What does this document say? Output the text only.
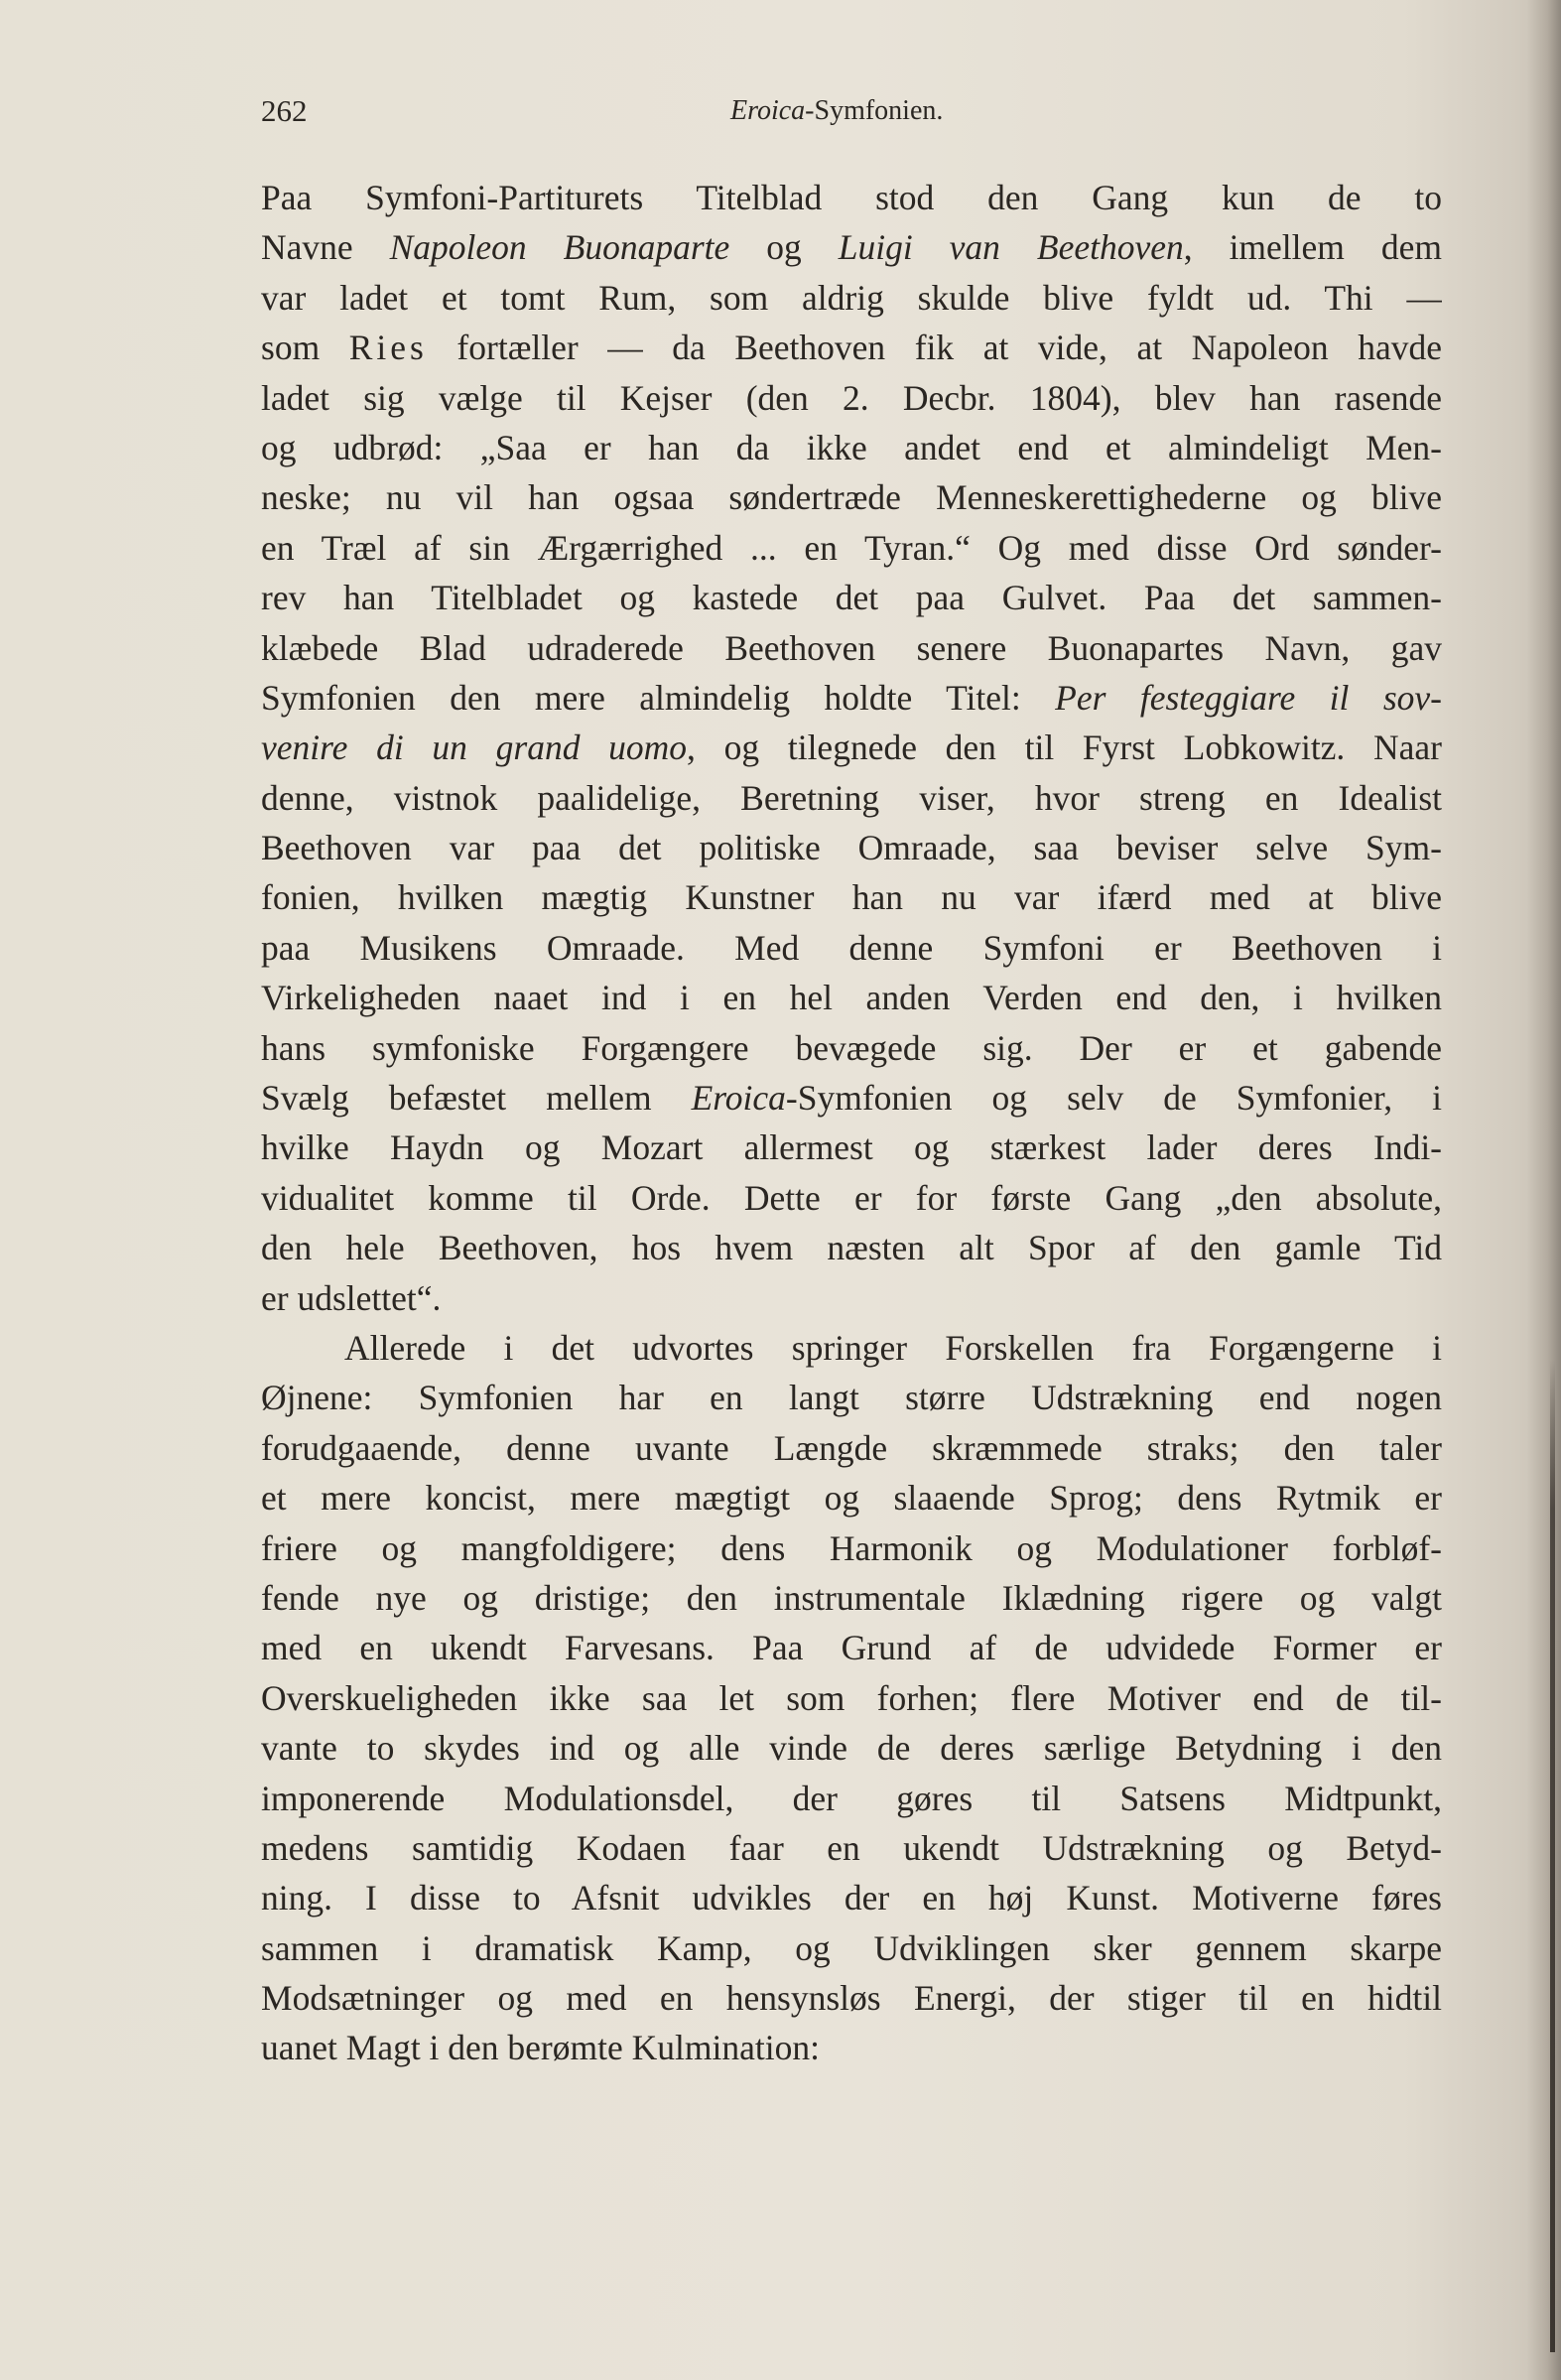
262	Eroica-Symfonien.
Paa Symfoni-Partiturets Titelblad stod den Gang kun de to
Navne Napoleon Buonaparte og Luigi van Beethoven, imellem dem
var ladet et tomt Rum, som aldrig skulde blive fyldt ud. Thi —
som Ries fortæller — da Beethoven fik at vide, at Napoleon havde
ladet sig vælge til Kejser (den 2. Decbr. 1804), blev han rasende
og udbrød: „Saa er han da ikke andet end et almindeligt Men-
neske; nu vil han ogsaa søndertræde Menneskerettighederne og blive
en Træl af sin Ærgærrighed ... en Tyran.“ Og med disse Ord sønder-
rev han Titelbladet og kastede det paa Gulvet. Paa det sammen-
klæbede Blad udraderede Beethoven senere Buonapartes Navn, gav
Symfonien den mere almindelig holdte Titel: Per festeggiare il sov-
venire di un grand uomo, og tilegnede den til Fyrst Lobkowitz. Naar
denne, vistnok paalidelige, Beretning viser, hvor streng en Idealist
Beethoven var paa det politiske Omraade, saa beviser selve Sym-
fonien, hvilken mægtig Kunstner han nu var ifærd med at blive
paa Musikens Omraade. Med denne Symfoni er Beethoven i
Virkeligheden naaet ind i en hel anden Verden end den, i hvilken
hans symfoniske Forgængere bevægede sig. Der er et gabende
Svælg befæstet mellem Eroica-Symfonien og selv de Symfonier, i
hvilke Haydn og Mozart allermest og stærkest lader deres Indi-
vidualitet komme til Orde. Dette er for første Gang „den absolute,
den hele Beethoven, hos hvem næsten alt Spor af den gamle Tid
er udslettet“.
Allerede i det udvortes springer Forskellen fra Forgængerne i
Øjnene: Symfonien har en langt større Udstrækning end nogen
forudgaaende, denne uvante Længde skræmmede straks; den taler
et mere koncist, mere mægtigt og slaaende Sprog; dens Rytmik er
friere og mangfoldigere; dens Harmonik og Modulationer forbløf-
fende nye og dristige; den instrumentale Iklædning rigere og valgt
med en ukendt Farvesans. Paa Grund af de udvidede Former er
Overskueligheden ikke saa let som forhen; flere Motiver end de til-
vante to skydes ind og alle vinde de deres særlige Betydning i den
imponerende Modulationsdel, der gøres til Satsens Midtpunkt,
medens samtidig Kodaen faar en ukendt Udstrækning og Betyd-
ning. I disse to Afsnit udvikles der en høj Kunst. Motiverne føres
sammen i dramatisk Kamp, og Udviklingen sker gennem skarpe
Modsætninger og med en hensynsløs Energi, der stiger til en hidtil
uanet Magt i den berømte Kulmination:
